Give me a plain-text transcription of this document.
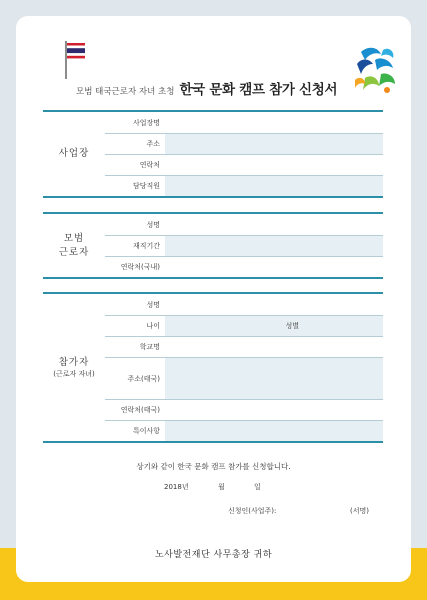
모범 태국근로자 자녀 초청 한국 문화 캠프 참가 신청서
사업장
사업장명
주소
연락처
담당직원
모범
근로자
성명
재직기간
연락처(국내)
참가자
(근로자 자녀)
성명
나이	성별
학교명
주소(태국)
연락처(태국)
특이사항
상기와 같이 한국 문화 캠프 참가를 신청합니다.
2018년	월	일
신청인(사업주):	(서명)
노사발전재단 사무총장 귀하
